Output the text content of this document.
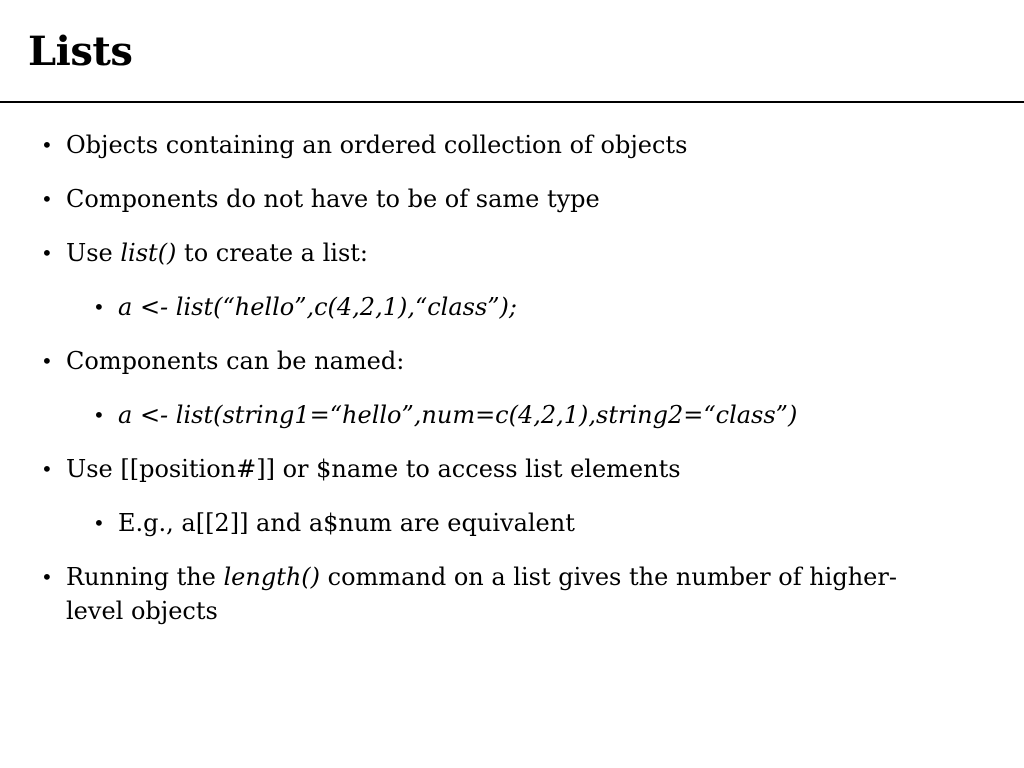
Lists
• Objects containing an ordered collection of objects
• Components do not have to be of same type
• Use list() to create a list:
• a <- list(“hello”,c(4,2,1),“class”);
• Components can be named:
• a <- list(string1=“hello”,num=c(4,2,1),string2=“class”)
• Use [[position#]] or $name to access list elements
• E.g., a[[2]] and a$num are equivalent
• Running the length() command on a list gives the number of higher-level objects
